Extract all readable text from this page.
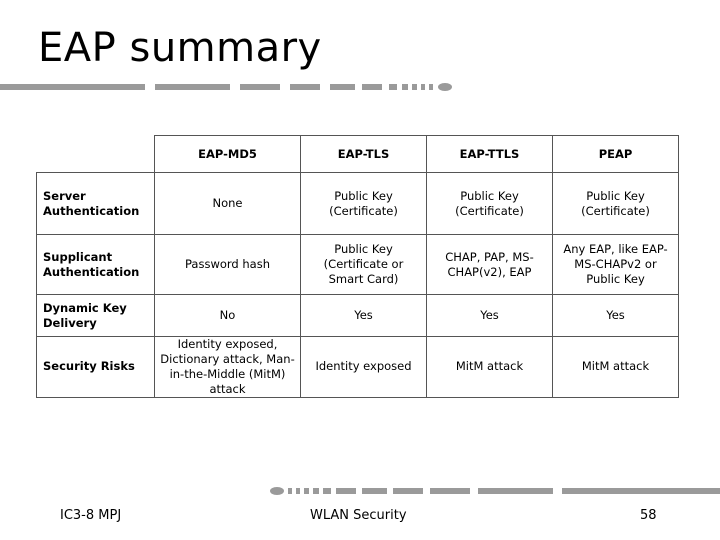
EAP summary
	EAP-MD5	EAP-TLS	EAP-TTLS	PEAP
Server Authentication	None	Public Key (Certificate)	Public Key (Certificate)	Public Key (Certificate)
Supplicant Authentication	Password hash	Public Key (Certificate or Smart Card)	CHAP, PAP, MS-CHAP(v2), EAP	Any EAP, like EAP-MS-CHAPv2 or Public Key
Dynamic Key Delivery	No	Yes	Yes	Yes
Security Risks	Identity exposed, Dictionary attack, Man-in-the-Middle (MitM) attack	Identity exposed	MitM attack	MitM attack
IC3-8 MPJ	WLAN Security	58
